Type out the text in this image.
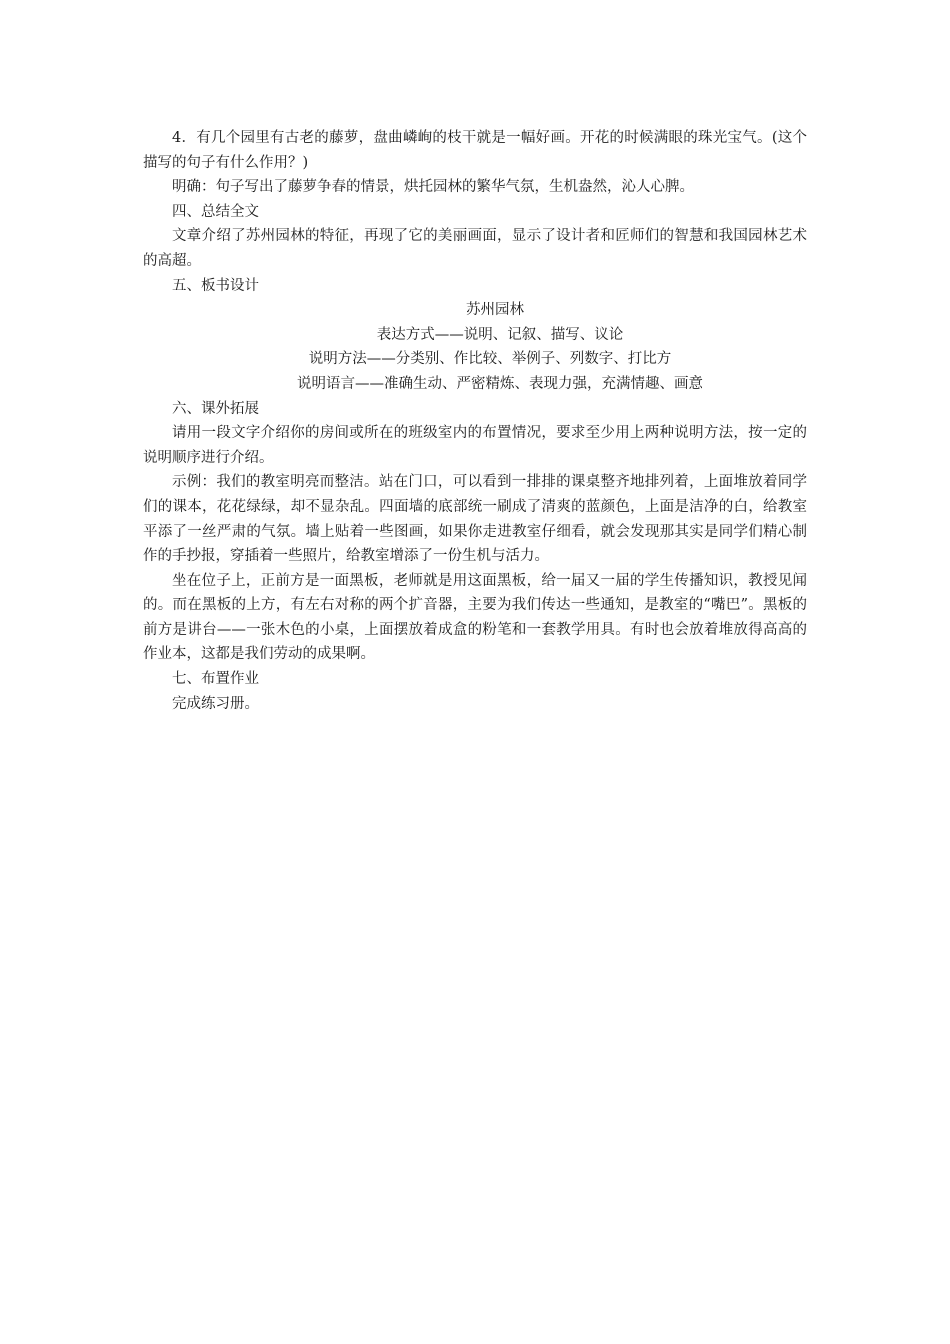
4．有几个园里有古老的藤萝，盘曲嶙峋的枝干就是一幅好画。开花的时候满眼的珠光宝气。(这个描写的句子有什么作用？)

明确：句子写出了藤萝争春的情景，烘托园林的繁华气氛，生机盎然，沁人心脾。

四、总结全文

文章介绍了苏州园林的特征，再现了它的美丽画面，显示了设计者和匠师们的智慧和我国园林艺术的高超。

五、板书设计

苏州园林

表达方式——说明、记叙、描写、议论

说明方法——分类别、作比较、举例子、列数字、打比方

说明语言——准确生动、严密精炼、表现力强，充满情趣、画意

六、课外拓展

请用一段文字介绍你的房间或所在的班级室内的布置情况，要求至少用上两种说明方法，按一定的说明顺序进行介绍。

示例：我们的教室明亮而整洁。站在门口，可以看到一排排的课桌整齐地排列着，上面堆放着同学们的课本，花花绿绿，却不显杂乱。四面墙的底部统一刷成了清爽的蓝颜色，上面是洁净的白，给教室平添了一丝严肃的气氛。墙上贴着一些图画，如果你走进教室仔细看，就会发现那其实是同学们精心制作的手抄报，穿插着一些照片，给教室增添了一份生机与活力。

坐在位子上，正前方是一面黑板，老师就是用这面黑板，给一届又一届的学生传播知识，教授见闻的。而在黑板的上方，有左右对称的两个扩音器，主要为我们传达一些通知，是教室的“嘴巴”。黑板的前方是讲台——一张木色的小桌，上面摆放着成盒的粉笔和一套教学用具。有时也会放着堆放得高高的作业本，这都是我们劳动的成果啊。

七、布置作业

完成练习册。
